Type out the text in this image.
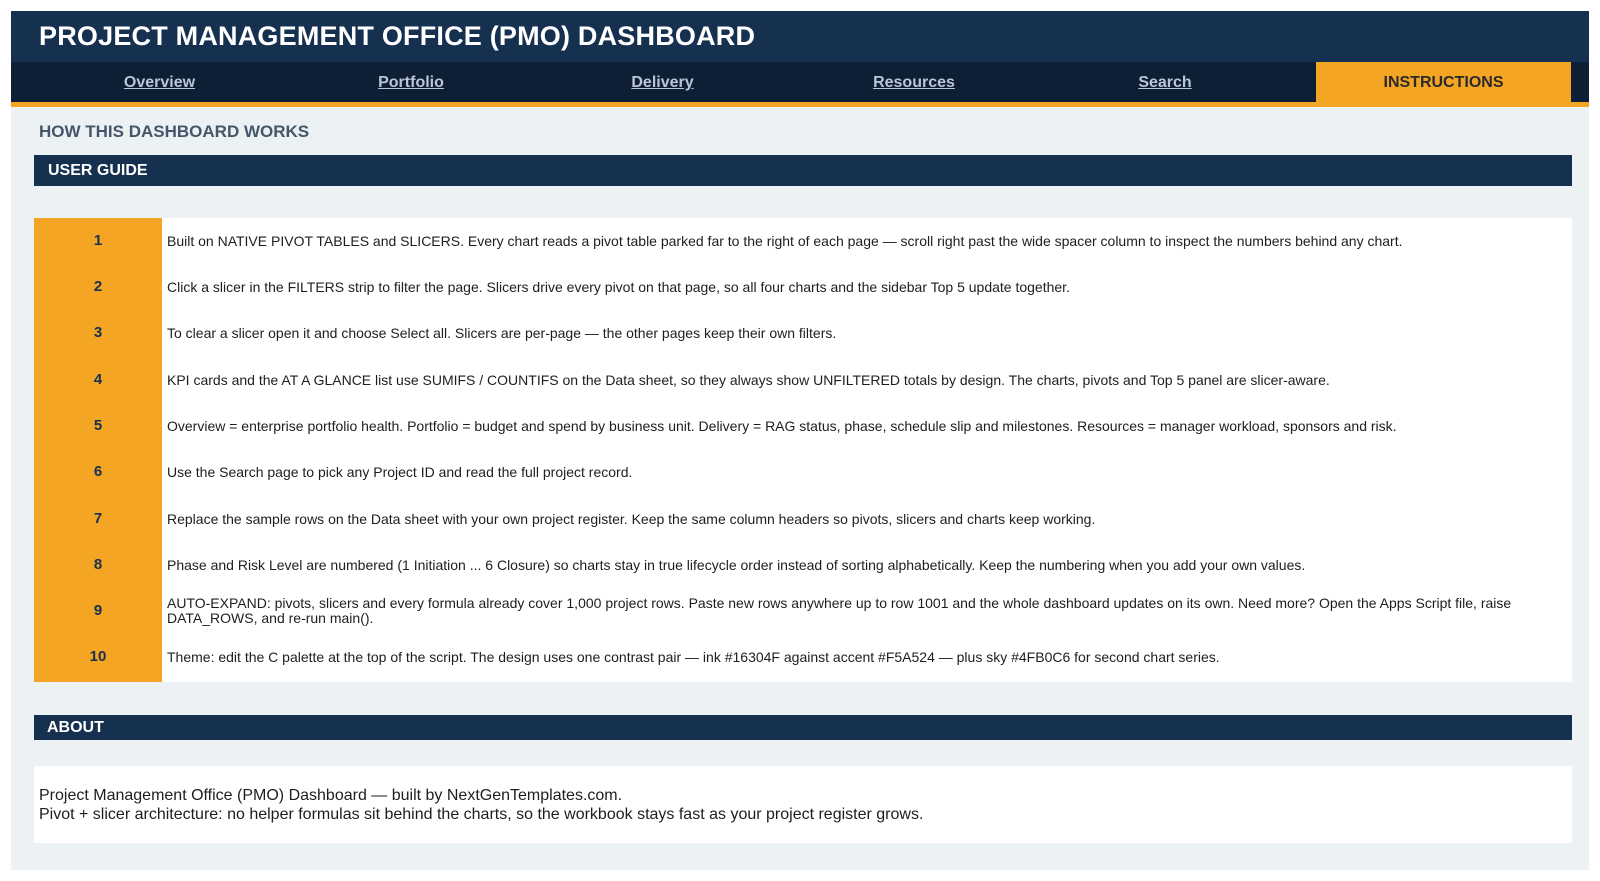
PROJECT MANAGEMENT OFFICE (PMO) DASHBOARD
Overview	Portfolio	Delivery	Resources	Search	INSTRUCTIONS
HOW THIS DASHBOARD WORKS
USER GUIDE
1	Built on NATIVE PIVOT TABLES and SLICERS. Every chart reads a pivot table parked far to the right of each page — scroll right past the wide spacer column to inspect the numbers behind any chart.
2	Click a slicer in the FILTERS strip to filter the page. Slicers drive every pivot on that page, so all four charts and the sidebar Top 5 update together.
3	To clear a slicer open it and choose Select all. Slicers are per-page — the other pages keep their own filters.
4	KPI cards and the AT A GLANCE list use SUMIFS / COUNTIFS on the Data sheet, so they always show UNFILTERED totals by design. The charts, pivots and Top 5 panel are slicer-aware.
5	Overview = enterprise portfolio health. Portfolio = budget and spend by business unit. Delivery = RAG status, phase, schedule slip and milestones. Resources = manager workload, sponsors and risk.
6	Use the Search page to pick any Project ID and read the full project record.
7	Replace the sample rows on the Data sheet with your own project register. Keep the same column headers so pivots, slicers and charts keep working.
8	Phase and Risk Level are numbered (1 Initiation ... 6 Closure) so charts stay in true lifecycle order instead of sorting alphabetically. Keep the numbering when you add your own values.
9	AUTO-EXPAND: pivots, slicers and every formula already cover 1,000 project rows. Paste new rows anywhere up to row 1001 and the whole dashboard updates on its own. Need more? Open the Apps Script file, raise DATA_ROWS, and re-run main().
10	Theme: edit the C palette at the top of the script. The design uses one contrast pair — ink #16304F against accent #F5A524 — plus sky #4FB0C6 for second chart series.
ABOUT
Project Management Office (PMO) Dashboard — built by NextGenTemplates.com.
Pivot + slicer architecture: no helper formulas sit behind the charts, so the workbook stays fast as your project register grows.
